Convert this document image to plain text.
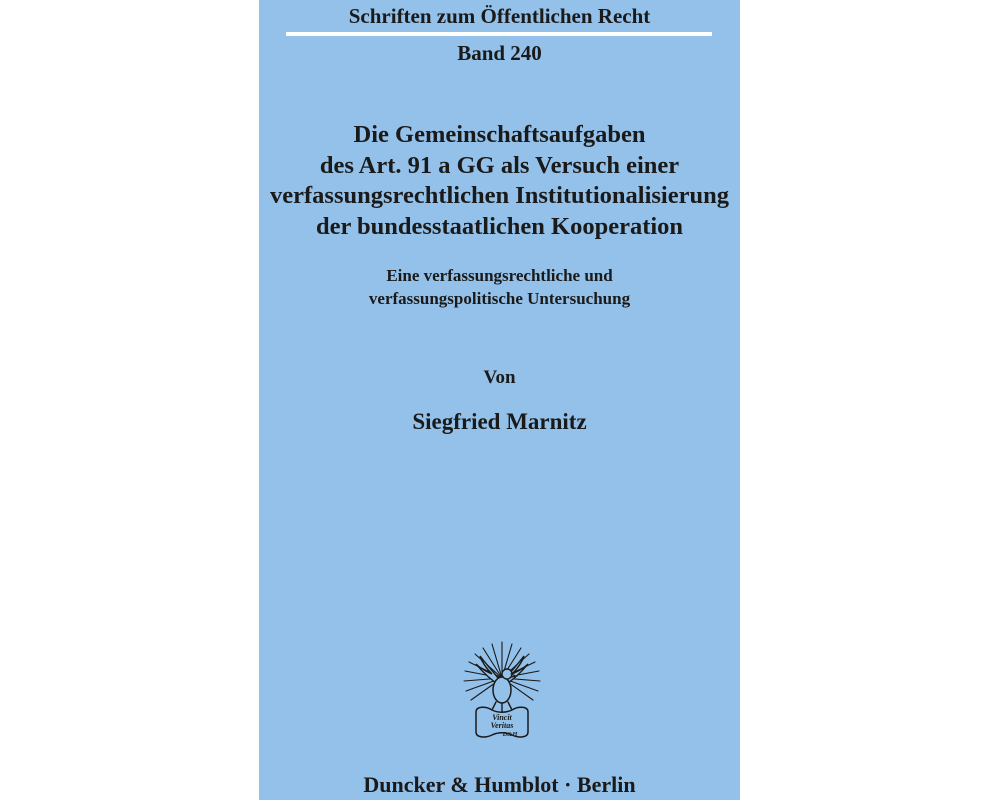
Schriften zum Öffentlichen Recht
Band 240
Die Gemeinschaftsaufgaben
des Art. 91 a GG als Versuch einer
verfassungsrechtlichen Institutionalisierung
der bundesstaatlichen Kooperation
Eine verfassungsrechtliche und
verfassungspolitische Untersuchung
Von
Siegfried Marnitz
Vincit
Veritas
D&H
Duncker & Humblot · Berlin
